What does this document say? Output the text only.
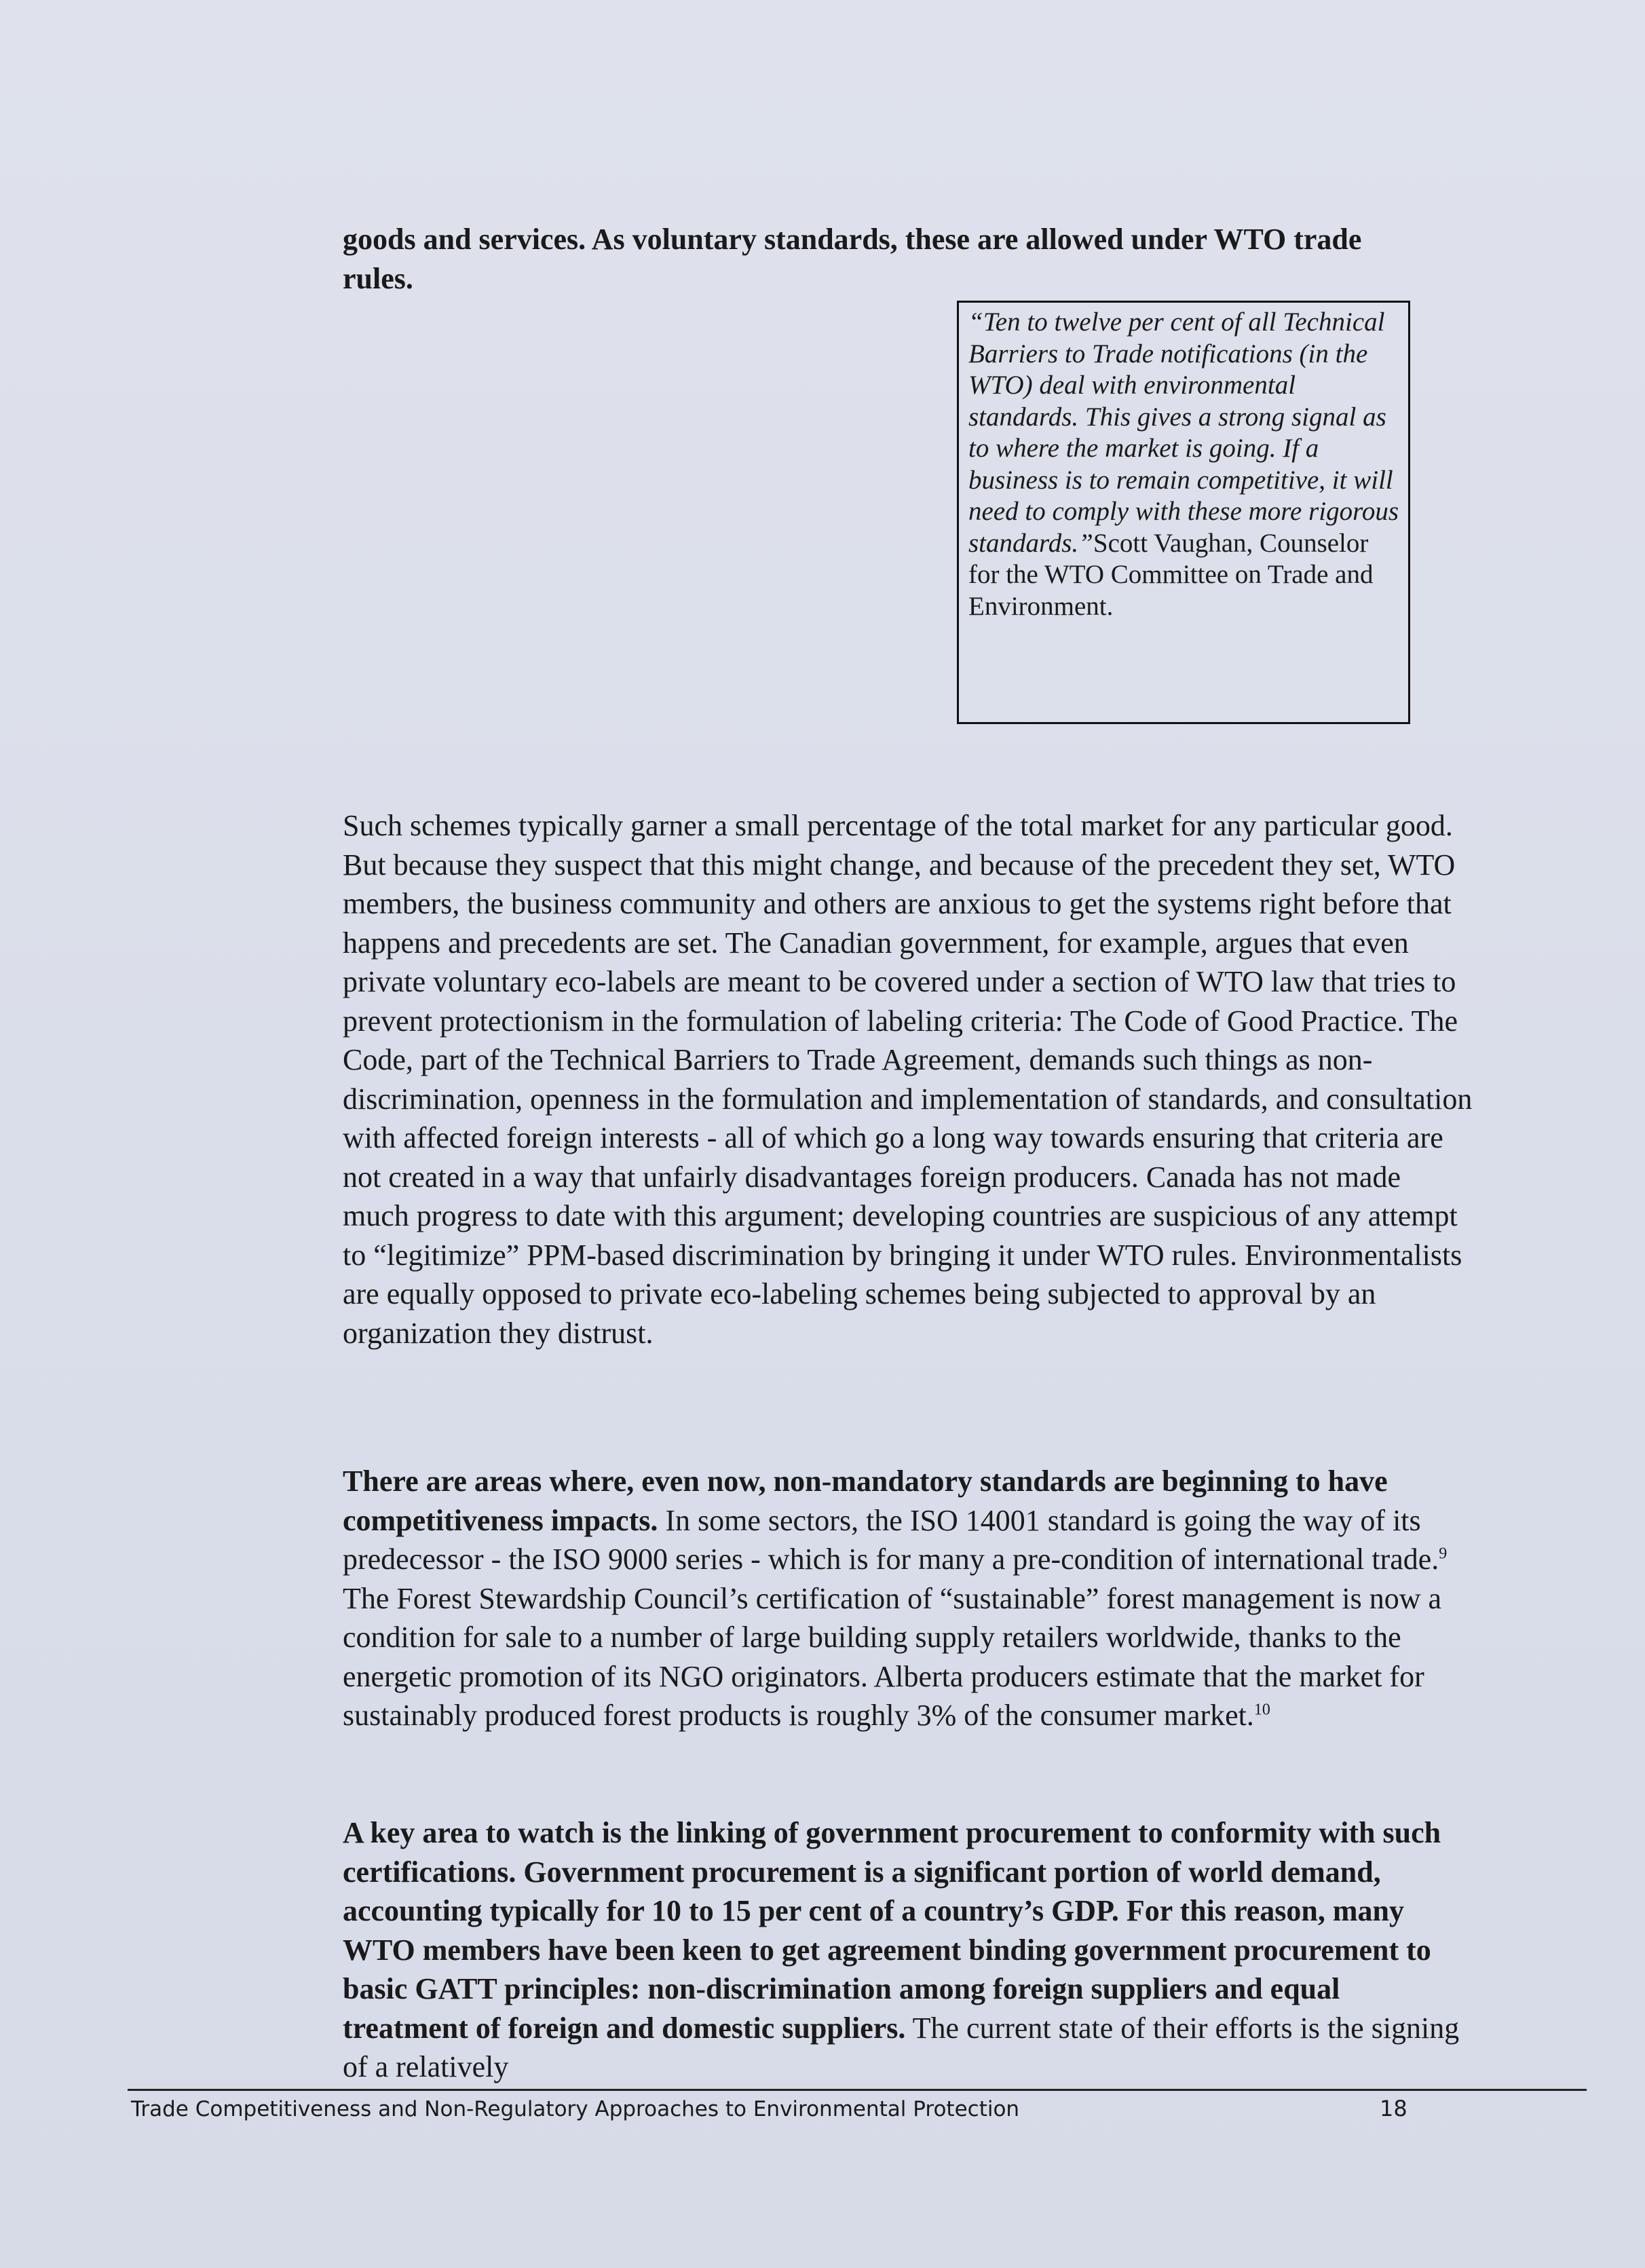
goods and services. As voluntary standards, these are allowed under WTO trade rules.

“Ten to twelve per cent of all Technical Barriers to Trade notifications (in the WTO) deal with environmental standards. This gives a strong signal as to where the market is going. If a business is to remain competitive, it will need to comply with these more rigorous standards.”Scott Vaughan, Counselor for the WTO Committee on Trade and Environment.

Such schemes typically garner a small percentage of the total market for any particular good. But because they suspect that this might change, and because of the precedent they set, WTO members, the business community and others are anxious to get the systems right before that happens and precedents are set. The Canadian government, for example, argues that even private voluntary eco-labels are meant to be covered under a section of WTO law that tries to prevent protectionism in the formulation of labeling criteria: The Code of Good Practice. The Code, part of the Technical Barriers to Trade Agreement, demands such things as non-discrimination, openness in the formulation and implementation of standards, and consultation with affected foreign interests - all of which go a long way towards ensuring that criteria are not created in a way that unfairly disadvantages foreign producers. Canada has not made much progress to date with this argument; developing countries are suspicious of any attempt to “legitimize” PPM-based discrimination by bringing it under WTO rules. Environmentalists are equally opposed to private eco-labeling schemes being subjected to approval by an organization they distrust.

There are areas where, even now, non-mandatory standards are beginning to have competitiveness impacts. In some sectors, the ISO 14001 standard is going the way of its predecessor - the ISO 9000 series - which is for many a pre-condition of international trade.$^9$ The Forest Stewardship Council’s certification of “sustainable” forest management is now a condition for sale to a number of large building supply retailers worldwide, thanks to the energetic promotion of its NGO originators. Alberta producers estimate that the market for sustainably produced forest products is roughly 3% of the consumer market.$^{10}$

A key area to watch is the linking of government procurement to conformity with such certifications. Government procurement is a significant portion of world demand, accounting typically for 10 to 15 per cent of a country’s GDP. For this reason, many WTO members have been keen to get agreement binding government procurement to basic GATT principles: non-discrimination among foreign suppliers and equal treatment of foreign and domestic suppliers. The current state of their efforts is the signing of a relatively

Trade Competitiveness and Non-Regulatory Approaches to Environmental Protection	18
